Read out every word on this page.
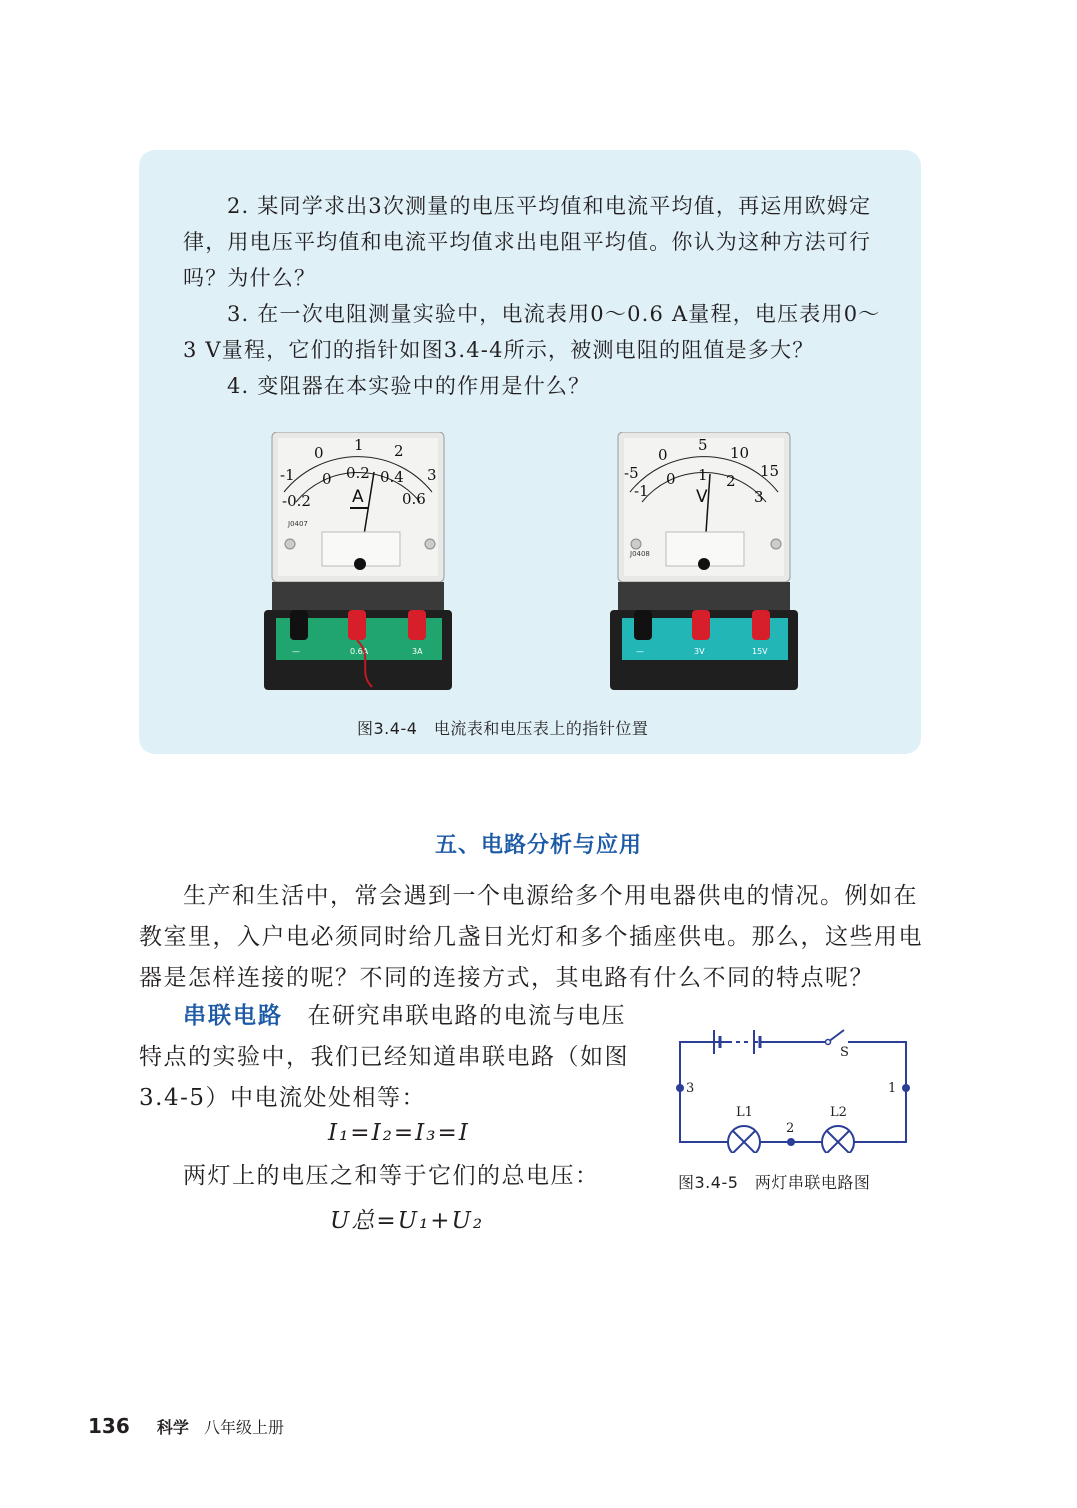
2. 某同学求出3次测量的电压平均值和电流平均值，再运用欧姆定律，用电压平均值和电流平均值求出电阻平均值。你认为这种方法可行吗？为什么？

3. 在一次电阻测量实验中，电流表用0～0.6 A量程，电压表用0～3 V量程，它们的指针如图3.4-4所示，被测电阻的阻值是多大？

4. 变阻器在本实验中的作用是什么？

-1
0 1 2
3
0 0.2 0.4
0.6
-0.2 A
J0407
—	0.6A	3A
-5
0
5 10
15
0 1 2
3
-1	V
J0408
—	3V	15V
图3.4-4　电流表和电压表上的指针位置
五、电路分析与应用

生产和生活中，常会遇到一个电源给多个用电器供电的情况。例如在教室里，入户电必须同时给几盏日光灯和多个插座供电。那么，这些用电器是怎样连接的呢？不同的连接方式，其电路有什么不同的特点呢？

串联电路　 在研究串联电路的电流与电压特点的实验中，我们已经知道串联电路（如图 3.4-5）中电流处处相等：

I₁=I₂=I₃=I

两灯上的电压之和等于它们的总电压：

U总=U₁+U₂
S
3	1
2
L1	L2
图3.4-5　两灯串联电路图
136 科学 八年级上册
